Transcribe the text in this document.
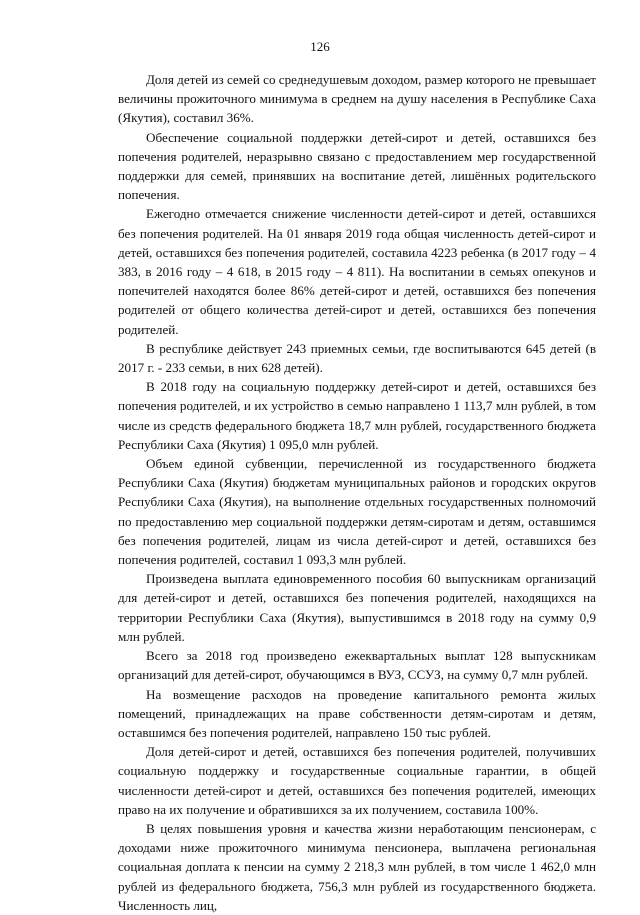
126

Доля детей из семей со среднедушевым доходом, размер которого не превышает величины прожиточного минимума в среднем на душу населения в Республике Саха (Якутия), составил 36%.

Обеспечение социальной поддержки детей-сирот и детей, оставшихся без попечения родителей, неразрывно связано с предоставлением мер государственной поддержки для семей, принявших на воспитание детей, лишённых родительского попечения.

Ежегодно отмечается снижение численности детей-сирот и детей, оставшихся без попечения родителей. На 01 января 2019 года общая численность детей-сирот и детей, оставшихся без попечения родителей, составила 4223 ребенка (в 2017 году – 4 383, в 2016 году – 4 618, в 2015 году – 4 811). На воспитании в семьях опекунов и попечителей находятся более 86% детей-сирот и детей, оставшихся без попечения родителей от общего количества детей-сирот и детей, оставшихся без попечения родителей.

В республике действует 243 приемных семьи, где воспитываются 645 детей (в 2017 г. - 233 семьи, в них 628 детей).

В 2018 году на социальную поддержку детей-сирот и детей, оставшихся без попечения родителей, и их устройство в семью направлено 1 113,7 млн рублей, в том числе из средств федерального бюджета 18,7 млн рублей, государственного бюджета Республики Саха (Якутия) 1 095,0 млн рублей.

Объем единой субвенции, перечисленной из государственного бюджета Республики Саха (Якутия) бюджетам муниципальных районов и городских округов Республики Саха (Якутия), на выполнение отдельных государственных полномочий по предоставлению мер социальной поддержки детям-сиротам и детям, оставшимся без попечения родителей, лицам из числа детей-сирот и детей, оставшихся без попечения родителей, составил 1 093,3 млн рублей.

Произведена выплата единовременного пособия 60 выпускникам организаций для детей-сирот и детей, оставшихся без попечения родителей, находящихся на территории Республики Саха (Якутия), выпустившимся в 2018 году на сумму 0,9 млн рублей.

Всего за 2018 год произведено ежеквартальных выплат 128 выпускникам организаций для детей-сирот, обучающимся в ВУЗ, ССУЗ, на сумму 0,7 млн рублей.

На возмещение расходов на проведение капитального ремонта жилых помещений, принадлежащих на праве собственности детям-сиротам и детям, оставшимся без попечения родителей, направлено 150 тыс рублей.

Доля детей-сирот и детей, оставшихся без попечения родителей, получивших социальную поддержку и государственные социальные гарантии, в общей численности детей-сирот и детей, оставшихся без попечения родителей, имеющих право на их получение и обратившихся за их получением, составила 100%.

В целях повышения уровня и качества жизни неработающим пенсионерам, с доходами ниже прожиточного минимума пенсионера, выплачена региональная социальная доплата к пенсии на сумму 2 218,3 млн рублей, в том числе 1 462,0 млн рублей из федерального бюджета, 756,3 млн рублей из государственного бюджета. Численность лиц,
